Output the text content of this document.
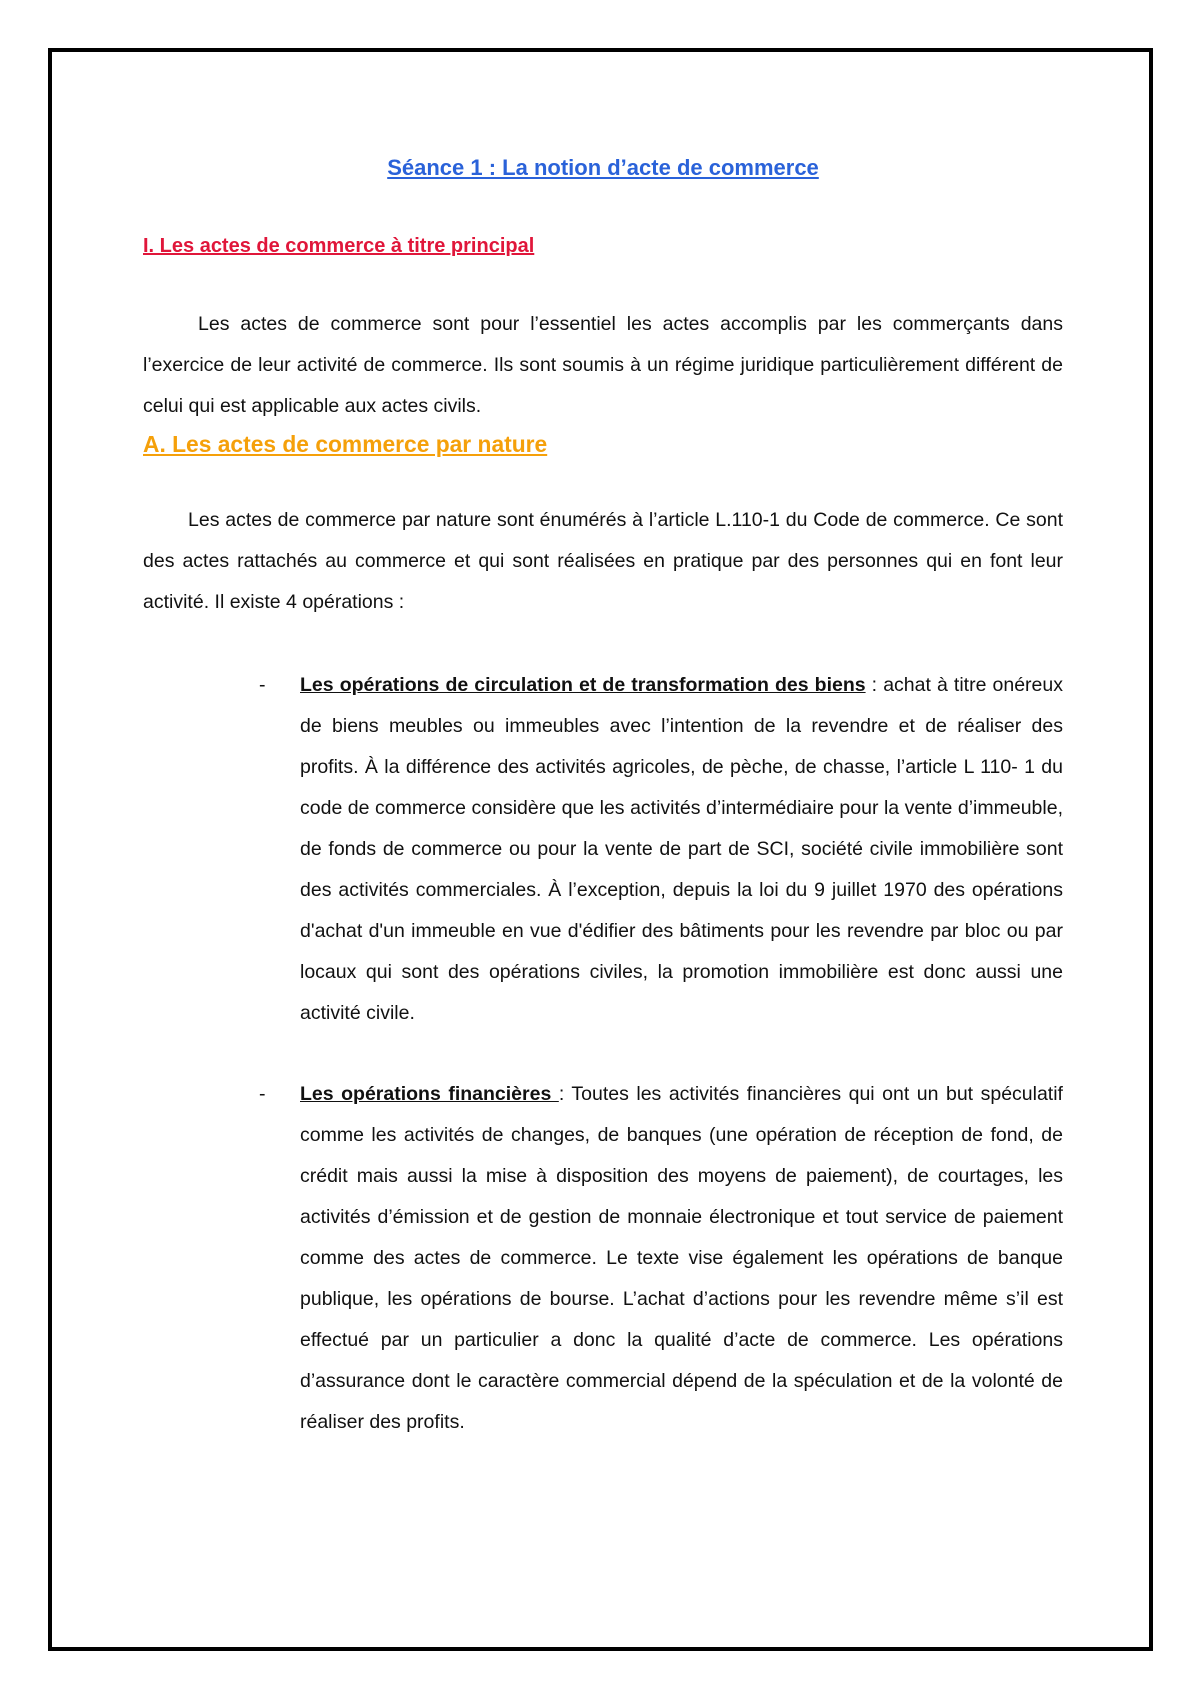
Séance 1 : La notion d’acte de commerce
I. Les actes de commerce à titre principal

Les actes de commerce sont pour l’essentiel les actes accomplis par les commerçants dans l’exercice de leur activité de commerce. Ils sont soumis à un régime juridique particulièrement différent de celui qui est applicable aux actes civils.

A. Les actes de commerce par nature

Les actes de commerce par nature sont énumérés à l’article L.110-1 du Code de commerce. Ce sont des actes rattachés au commerce et qui sont réalisées en pratique par des personnes qui en font leur activité. Il existe 4 opérations :

- Les opérations de circulation et de transformation des biens : achat à titre onéreux de biens meubles ou immeubles avec l’intention de la revendre et de réaliser des profits. À la différence des activités agricoles, de pèche, de chasse, l’article L 110- 1 du code de commerce considère que les activités d’intermédiaire pour la vente d’immeuble, de fonds de commerce ou pour la vente de part de SCI, société civile immobilière sont des activités commerciales. À l’exception, depuis la loi du 9 juillet 1970 des opérations d'achat d'un immeuble en vue d'édifier des bâtiments pour les revendre par bloc ou par locaux qui sont des opérations civiles, la promotion immobilière est donc aussi une activité civile.
- Les opérations financières : Toutes les activités financières qui ont un but spéculatif comme les activités de changes, de banques (une opération de réception de fond, de crédit mais aussi la mise à disposition des moyens de paiement), de courtages, les activités d’émission et de gestion de monnaie électronique et tout service de paiement comme des actes de commerce. Le texte vise également les opérations de banque publique, les opérations de bourse. L’achat d’actions pour les revendre même s’il est effectué par un particulier a donc la qualité d’acte de commerce. Les opérations d’assurance dont le caractère commercial dépend de la spéculation et de la volonté de réaliser des profits.
